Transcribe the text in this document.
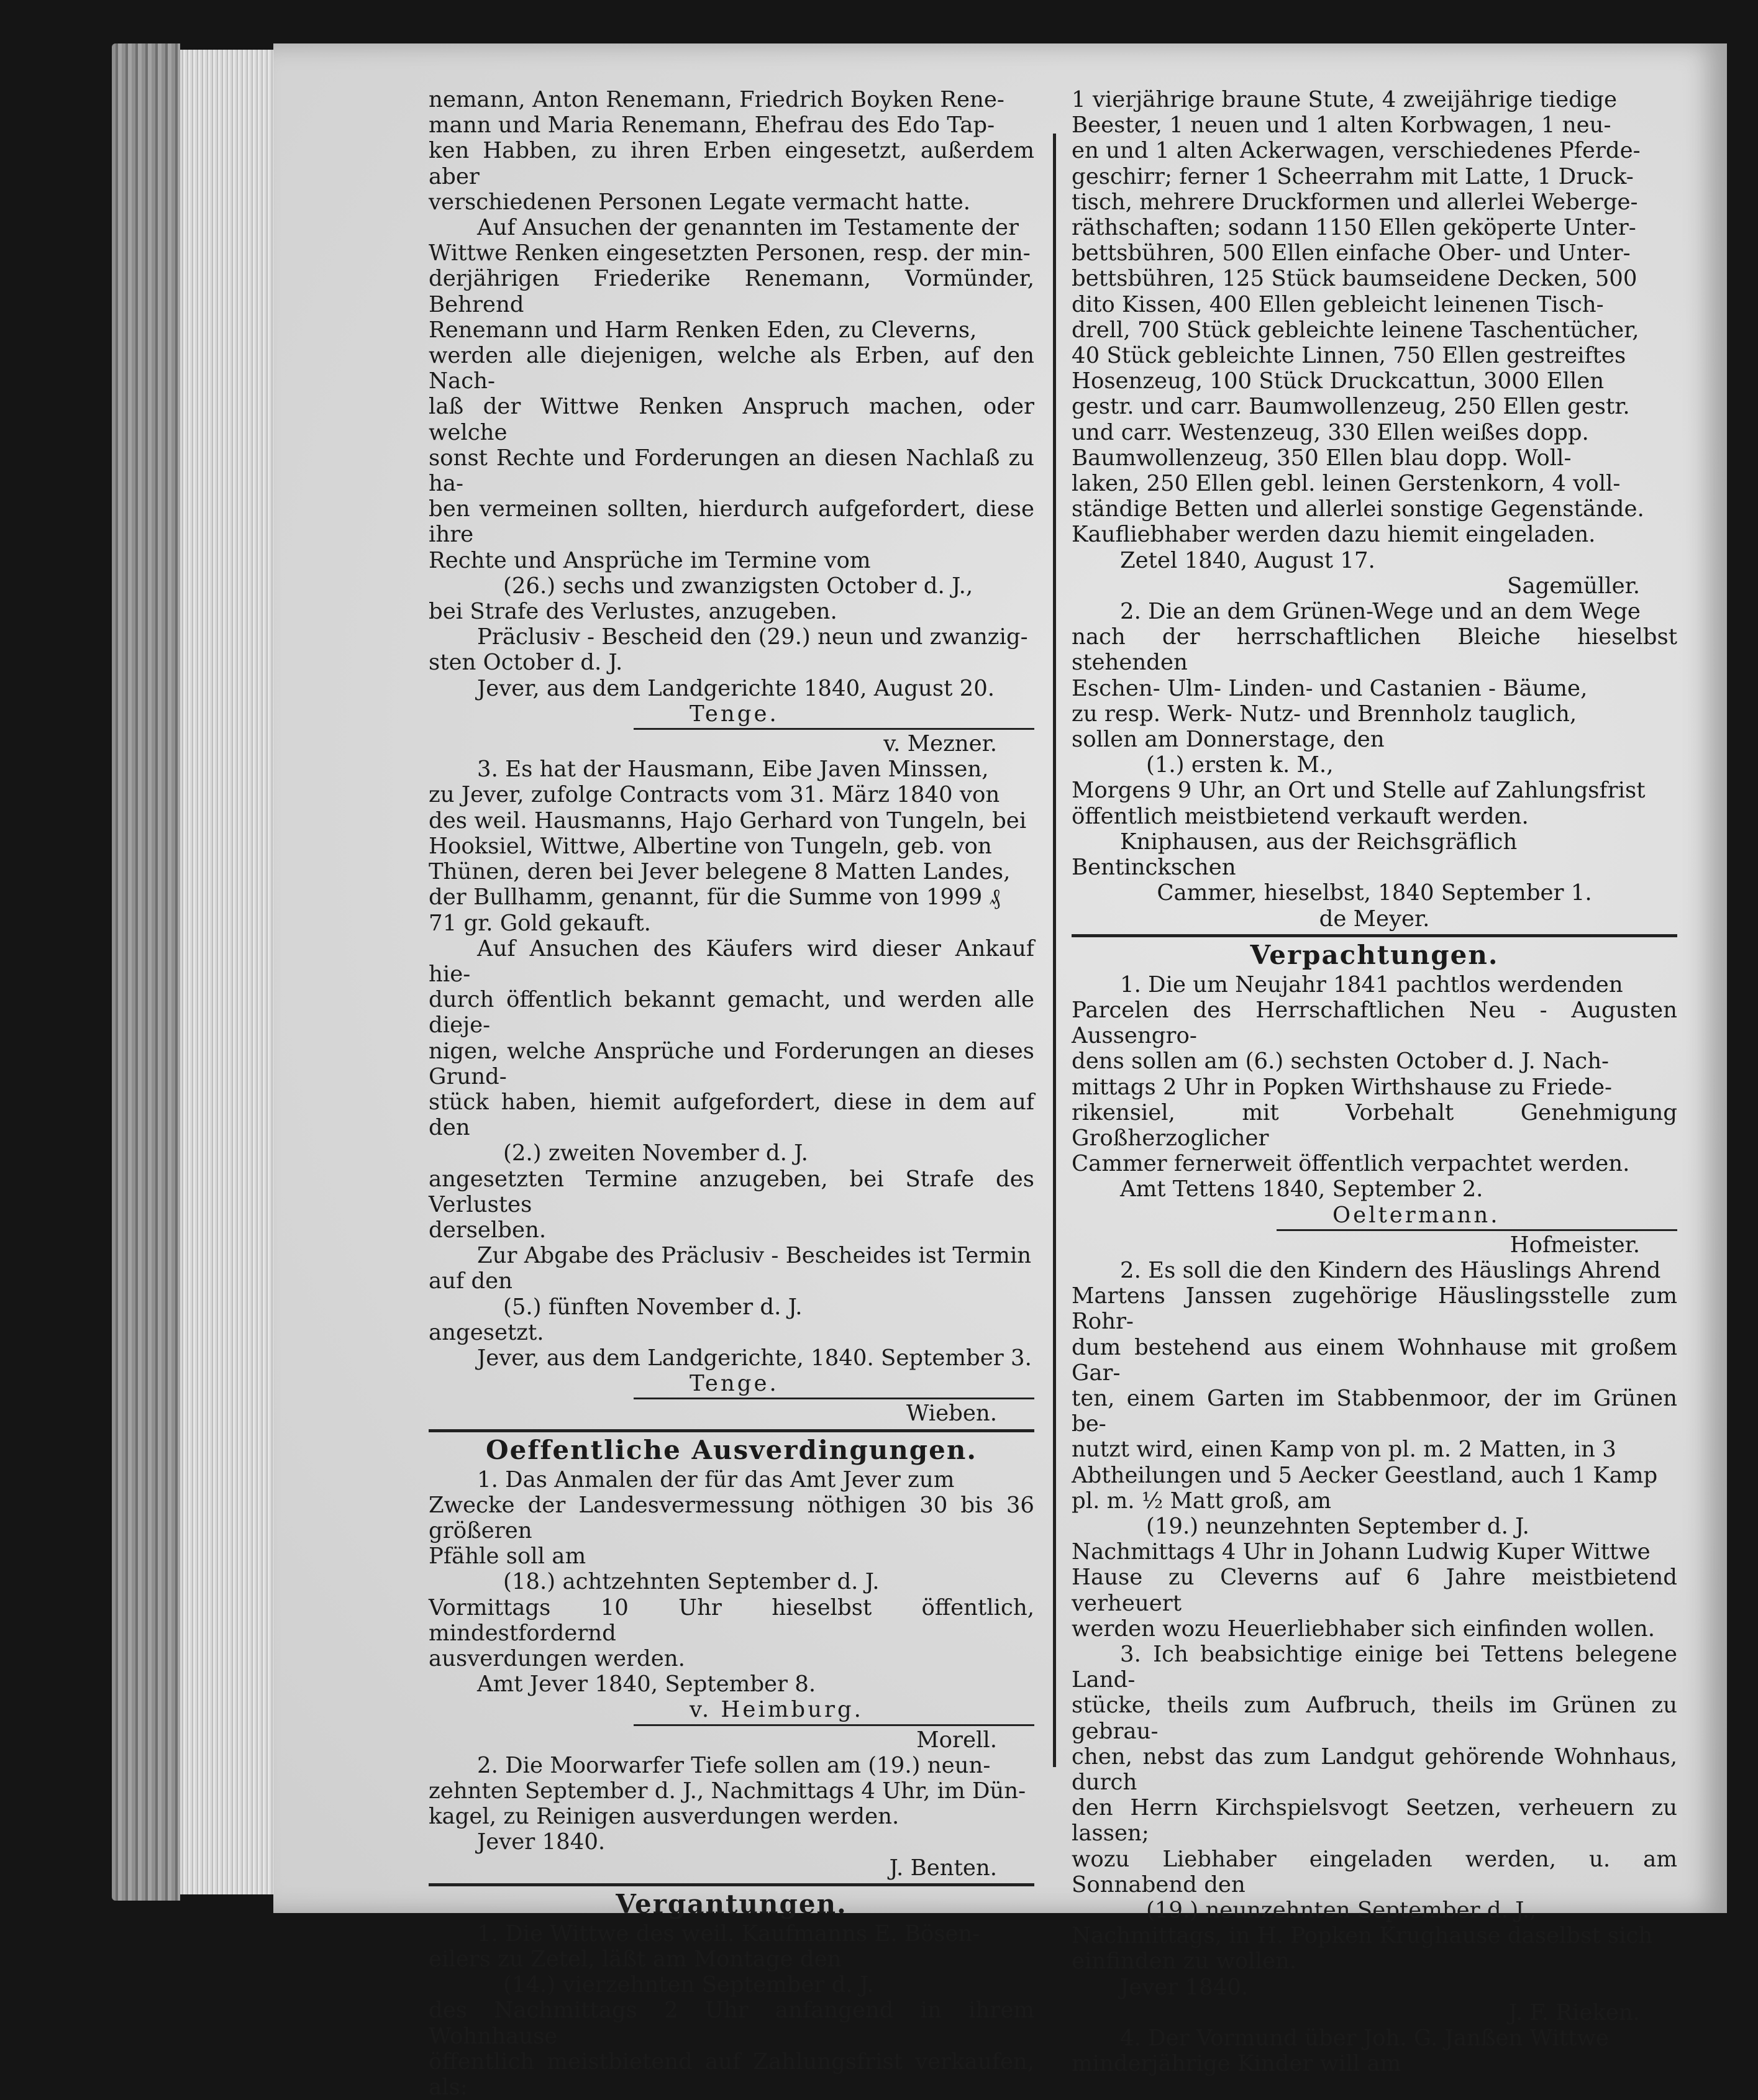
nemann, Anton Renemann, Friedrich Boyken Rene-

mann und Maria Renemann, Ehefrau des Edo Tap-

ken Habben, zu ihren Erben eingesetzt, außerdem aber

verschiedenen Personen Legate vermacht hatte.

Auf Ansuchen der genannten im Testamente der

Wittwe Renken eingesetzten Personen, resp. der min-

derjährigen Friederike Renemann, Vormünder, Behrend

Renemann und Harm Renken Eden, zu Cleverns,

werden alle diejenigen, welche als Erben, auf den Nach-

laß der Wittwe Renken Anspruch machen, oder welche

sonst Rechte und Forderungen an diesen Nachlaß zu ha-

ben vermeinen sollten, hierdurch aufgefordert, diese ihre

Rechte und Ansprüche im Termine vom

(26.) sechs und zwanzigsten October d. J.,

bei Strafe des Verlustes, anzugeben.

Präclusiv - Bescheid den (29.) neun und zwanzig-

sten October d. J.

Jever, aus dem Landgerichte 1840, August 20.

Tenge.

v. Mezner.

3. Es hat der Hausmann, Eibe Javen Minssen,

zu Jever, zufolge Contracts vom 31. März 1840 von

des weil. Hausmanns, Hajo Gerhard von Tungeln, bei

Hooksiel, Wittwe, Albertine von Tungeln, geb. von

Thünen, deren bei Jever belegene 8 Matten Landes,

der Bullhamm, genannt, für die Summe von 1999 ₰

71 gr. Gold gekauft.

Auf Ansuchen des Käufers wird dieser Ankauf hie-

durch öffentlich bekannt gemacht, und werden alle dieje-

nigen, welche Ansprüche und Forderungen an dieses Grund-

stück haben, hiemit aufgefordert, diese in dem auf den

(2.) zweiten November d. J.

angesetzten Termine anzugeben, bei Strafe des Verlustes

derselben.

Zur Abgabe des Präclusiv - Bescheides ist Termin

auf den

(5.) fünften November d. J.

angesetzt.

Jever, aus dem Landgerichte, 1840. September 3.

Tenge.

Wieben.

Oeffentliche Ausverdingungen.

1. Das Anmalen der für das Amt Jever zum

Zwecke der Landesvermessung nöthigen 30 bis 36 größeren

Pfähle soll am

(18.) achtzehnten September d. J.

Vormittags 10 Uhr hieselbst öffentlich, mindestfordernd

ausverdungen werden.

Amt Jever 1840, September 8.

v. Heimburg.

Morell.

2. Die Moorwarfer Tiefe sollen am (19.) neun-

zehnten September d. J., Nachmittags 4 Uhr, im Dün-

kagel, zu Reinigen ausverdungen werden.

Jever 1840.

J. Benten.

Vergantungen.

1. Die Wittwe des weil. Kaufmanns E. Bösen-

eilers zu Zetel, läßt am Montage den

(14.) vierzehnten September d. J.

des Nachmittags 2 Uhr anfangend in ihrem Wohnhause

öffentlich meistbietend auf Zahlungsfrist verkaufen, als:

1 vierjährige braune Stute, 4 zweijährige tiedige

Beester, 1 neuen und 1 alten Korbwagen, 1 neu-

en und 1 alten Ackerwagen, verschiedenes Pferde-

geschirr; ferner 1 Scheerrahm mit Latte, 1 Druck-

tisch, mehrere Druckformen und allerlei Weberge-

räthschaften; sodann 1150 Ellen geköperte Unter-

bettsbühren, 500 Ellen einfache Ober- und Unter-

bettsbühren, 125 Stück baumseidene Decken, 500

dito Kissen, 400 Ellen gebleicht leinenen Tisch-

drell, 700 Stück gebleichte leinene Taschentücher,

40 Stück gebleichte Linnen, 750 Ellen gestreiftes

Hosenzeug, 100 Stück Druckcattun, 3000 Ellen

gestr. und carr. Baumwollenzeug, 250 Ellen gestr.

und carr. Westenzeug, 330 Ellen weißes dopp.

Baumwollenzeug, 350 Ellen blau dopp. Woll-

laken, 250 Ellen gebl. leinen Gerstenkorn, 4 voll-

ständige Betten und allerlei sonstige Gegenstände.

Kaufliebhaber werden dazu hiemit eingeladen.

Zetel 1840, August 17.

Sagemüller.

2. Die an dem Grünen-Wege und an dem Wege

nach der herrschaftlichen Bleiche hieselbst stehenden

Eschen- Ulm- Linden- und Castanien - Bäume,

zu resp. Werk- Nutz- und Brennholz tauglich,

sollen am Donnerstage, den

(1.) ersten k. M.,

Morgens 9 Uhr, an Ort und Stelle auf Zahlungsfrist

öffentlich meistbietend verkauft werden.

Kniphausen, aus der Reichsgräflich Bentinckschen

Cammer, hieselbst, 1840 September 1.

de Meyer.

Verpachtungen.

1. Die um Neujahr 1841 pachtlos werdenden

Parcelen des Herrschaftlichen Neu - Augusten Aussengro-

dens sollen am (6.) sechsten October d. J. Nach-

mittags 2 Uhr in Popken Wirthshause zu Friede-

rikensiel, mit Vorbehalt Genehmigung Großherzoglicher

Cammer fernerweit öffentlich verpachtet werden.

Amt Tettens 1840, September 2.

Oeltermann.

Hofmeister.

2. Es soll die den Kindern des Häuslings Ahrend

Martens Janssen zugehörige Häuslingsstelle zum Rohr-

dum bestehend aus einem Wohnhause mit großem Gar-

ten, einem Garten im Stabbenmoor, der im Grünen be-

nutzt wird, einen Kamp von pl. m. 2 Matten, in 3

Abtheilungen und 5 Aecker Geestland, auch 1 Kamp

pl. m. ½ Matt groß, am

(19.) neunzehnten September d. J.

Nachmittags 4 Uhr in Johann Ludwig Kuper Wittwe

Hause zu Cleverns auf 6 Jahre meistbietend verheuert

werden wozu Heuerliebhaber sich einfinden wollen.

3. Ich beabsichtige einige bei Tettens belegene Land-

stücke, theils zum Aufbruch, theils im Grünen zu gebrau-

chen, nebst das zum Landgut gehörende Wohnhaus, durch

den Herrn Kirchspielsvogt Seetzen, verheuern zu lassen;

wozu Liebhaber eingeladen werden, u. am Sonnabend den

(19.) neunzehnten September d. J.,

Nachmittags, in H. Popken Krughause daselbst sich

einfinden zu wollen.

Jever 1840.

J. F. Rieken.

4. Der Vormund über Joh. G. Janßen Wittwe

minderjährige Kinder will am
